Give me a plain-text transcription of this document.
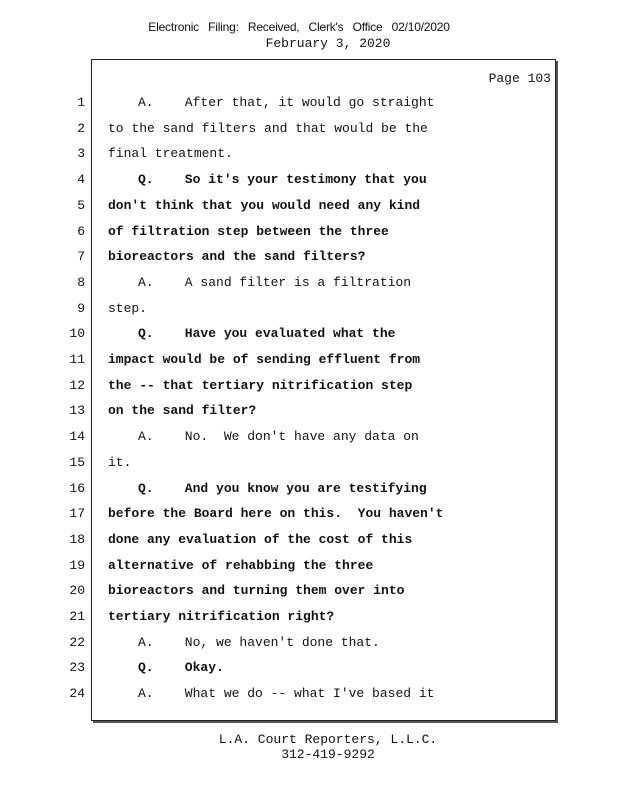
Electronic Filing: Received, Clerk's Office 02/10/2020
February 3, 2020
Page 103
1	A.    After that, it would go straight
2 to the sand filters and that would be the
3 final treatment.
4	Q.    So it's your testimony that you
5 don't think that you would need any kind
6 of filtration step between the three
7 bioreactors and the sand filters?
8	A.    A sand filter is a filtration
9 step.
10	Q.    Have you evaluated what the
11 impact would be of sending effluent from
12 the -- that tertiary nitrification step
13 on the sand filter?
14	A.    No.  We don't have any data on
15 it.
16	Q.    And you know you are testifying
17 before the Board here on this.  You haven't
18 done any evaluation of the cost of this
19 alternative of rehabbing the three
20 bioreactors and turning them over into
21 tertiary nitrification right?
22	A.    No, we haven't done that.
23	Q.    Okay.
24	A.    What we do -- what I've based it
L.A. Court Reporters, L.L.C.
312-419-9292
